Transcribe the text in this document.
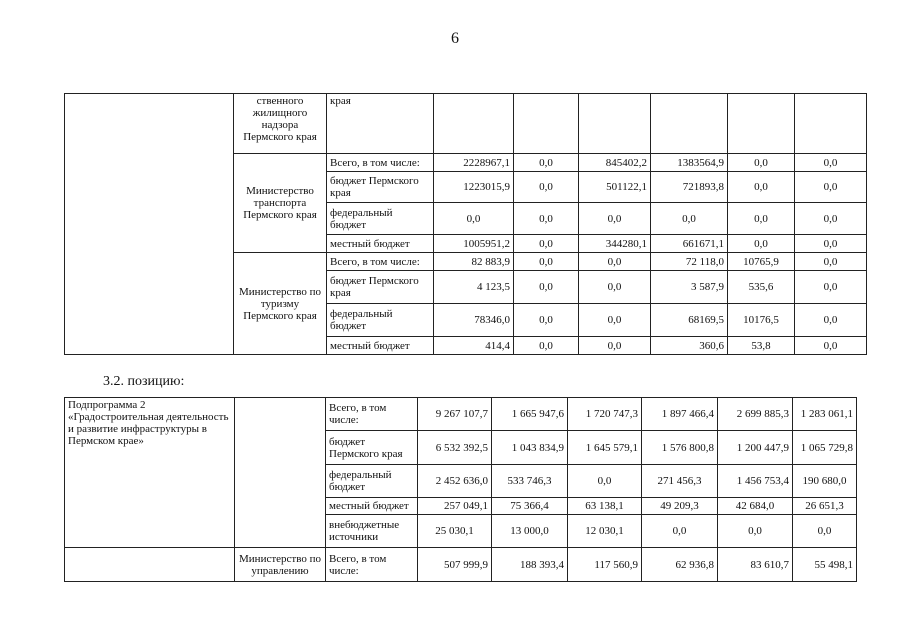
6
	ственного жилищного надзора Пермского края	края						
	Министерство транспорта Пермского края	Всего, в том числе:	2228967,1	0,0	845402,2	1383564,9	0,0	0,0
		бюджет Пермского края	1223015,9	0,0	501122,1	721893,8	0,0	0,0
		федеральный бюджет	0,0	0,0	0,0	0,0	0,0	0,0
		местный бюджет	1005951,2	0,0	344280,1	661671,1	0,0	0,0
	Министерство по туризму Пермского края	Всего, в том числе:	82 883,9	0,0	0,0	72 118,0	10765,9	0,0
		бюджет Пермского края	4 123,5	0,0	0,0	3 587,9	535,6	0,0
		федеральный бюджет	78346,0	0,0	0,0	68169,5	10176,5	0,0
		местный бюджет	414,4	0,0	0,0	360,6	53,8	0,0
3.2. позицию:
Подпрограмма 2 «Градостроительная деятельность и развитие инфраструктуры в Пермском крае»		Всего, в том числе:	9 267 107,7	1 665 947,6	1 720 747,3	1 897 466,4	2 699 885,3	1 283 061,1
		бюджет Пермского края	6 532 392,5	1 043 834,9	1 645 579,1	1 576 800,8	1 200 447,9	1 065 729,8
		федеральный бюджет	2 452 636,0	533 746,3	0,0	271 456,3	1 456 753,4	190 680,0
		местный бюджет	257 049,1	75 366,4	63 138,1	49 209,3	42 684,0	26 651,3
		внебюджетные источники	25 030,1	13 000,0	12 030,1	0,0	0,0	0,0
	Министерство по управлению	Всего, в том числе:	507 999,9	188 393,4	117 560,9	62 936,8	83 610,7	55 498,1
